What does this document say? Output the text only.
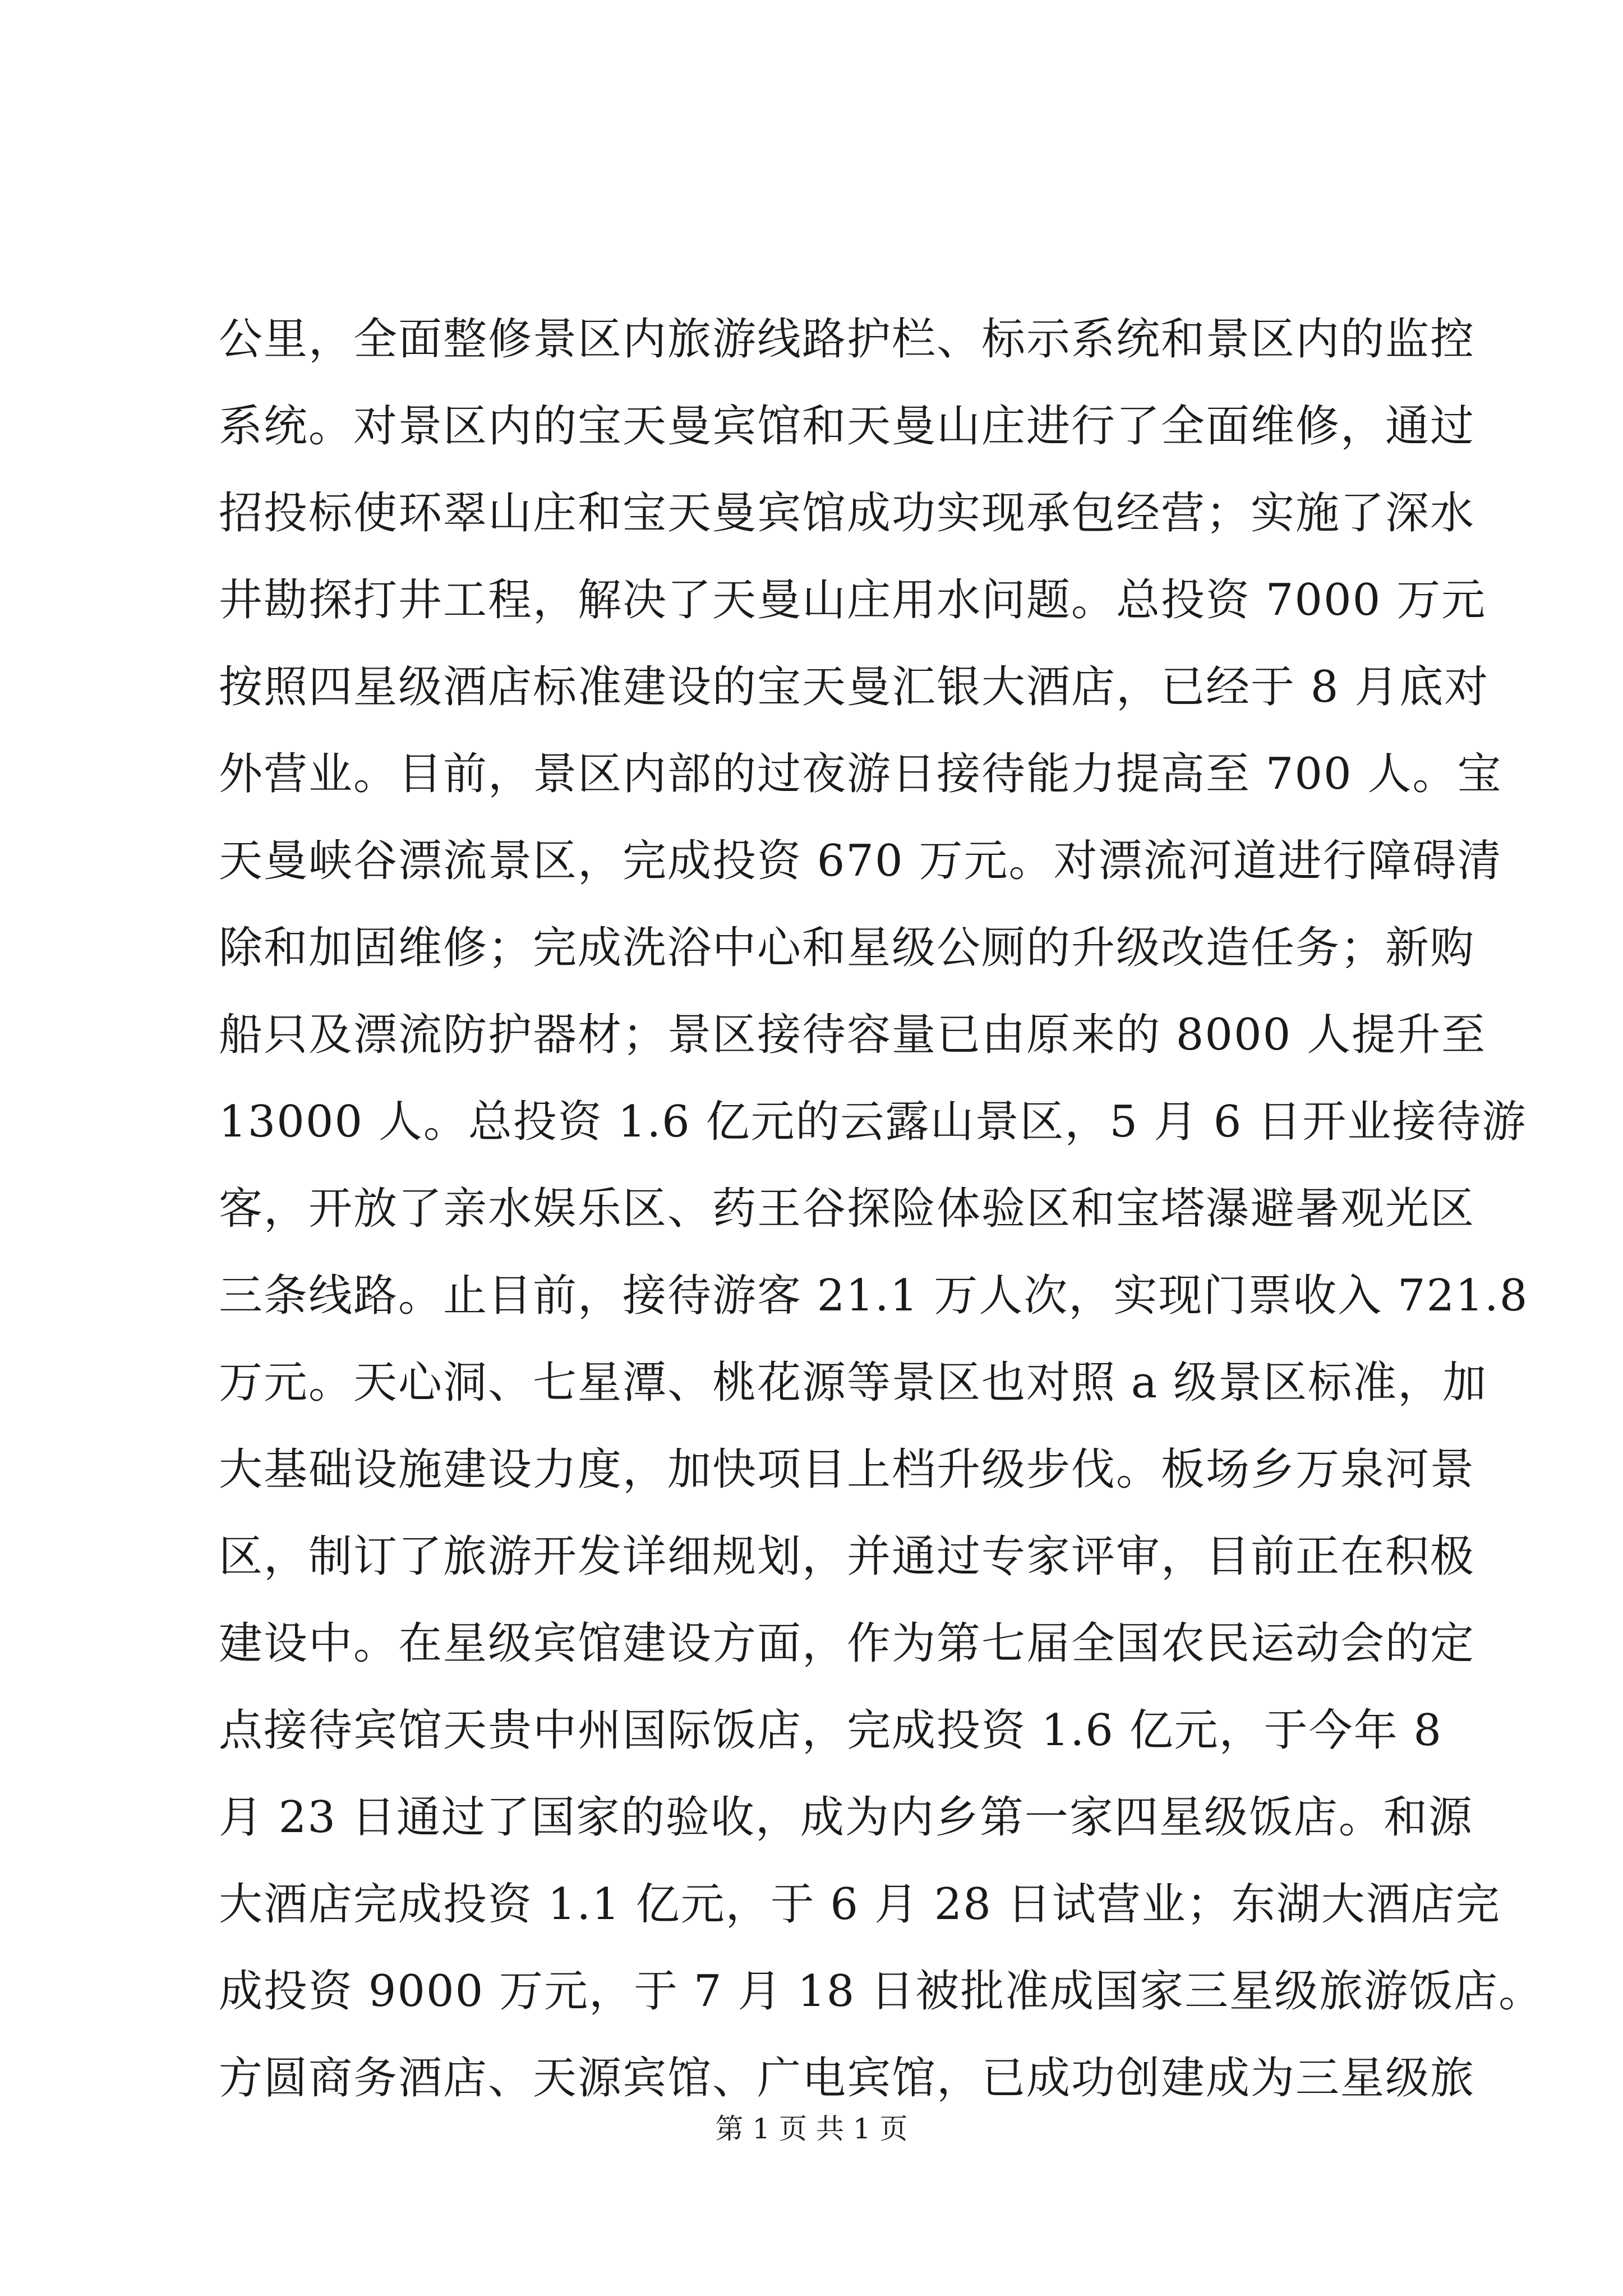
公里，全面整修景区内旅游线路护栏、标示系统和景区内的监控
系统。对景区内的宝天曼宾馆和天曼山庄进行了全面维修，通过
招投标使环翠山庄和宝天曼宾馆成功实现承包经营；实施了深水
井勘探打井工程，解决了天曼山庄用水问题。总投资 7000 万元
按照四星级酒店标准建设的宝天曼汇银大酒店，已经于 8 月底对
外营业。目前，景区内部的过夜游日接待能力提高至 700 人。宝
天曼峡谷漂流景区，完成投资 670 万元。对漂流河道进行障碍清
除和加固维修；完成洗浴中心和星级公厕的升级改造任务；新购
船只及漂流防护器材；景区接待容量已由原来的 8000 人提升至
13000 人。总投资 1.6 亿元的云露山景区，5 月 6 日开业接待游
客，开放了亲水娱乐区、药王谷探险体验区和宝塔瀑避暑观光区
三条线路。止目前，接待游客 21.1 万人次，实现门票收入 721.8
万元。天心洞、七星潭、桃花源等景区也对照 a 级景区标准，加
大基础设施建设力度，加快项目上档升级步伐。板场乡万泉河景
区，制订了旅游开发详细规划，并通过专家评审，目前正在积极
建设中。在星级宾馆建设方面，作为第七届全国农民运动会的定
点接待宾馆天贵中州国际饭店，完成投资 1.6 亿元，于今年 8
月 23 日通过了国家的验收，成为内乡第一家四星级饭店。和源
大酒店完成投资 1.1 亿元，于 6 月 28 日试营业；东湖大酒店完
成投资 9000 万元，于 7 月 18 日被批准成国家三星级旅游饭店。
方圆商务酒店、天源宾馆、广电宾馆，已成功创建成为三星级旅
第 1 页 共 1 页
